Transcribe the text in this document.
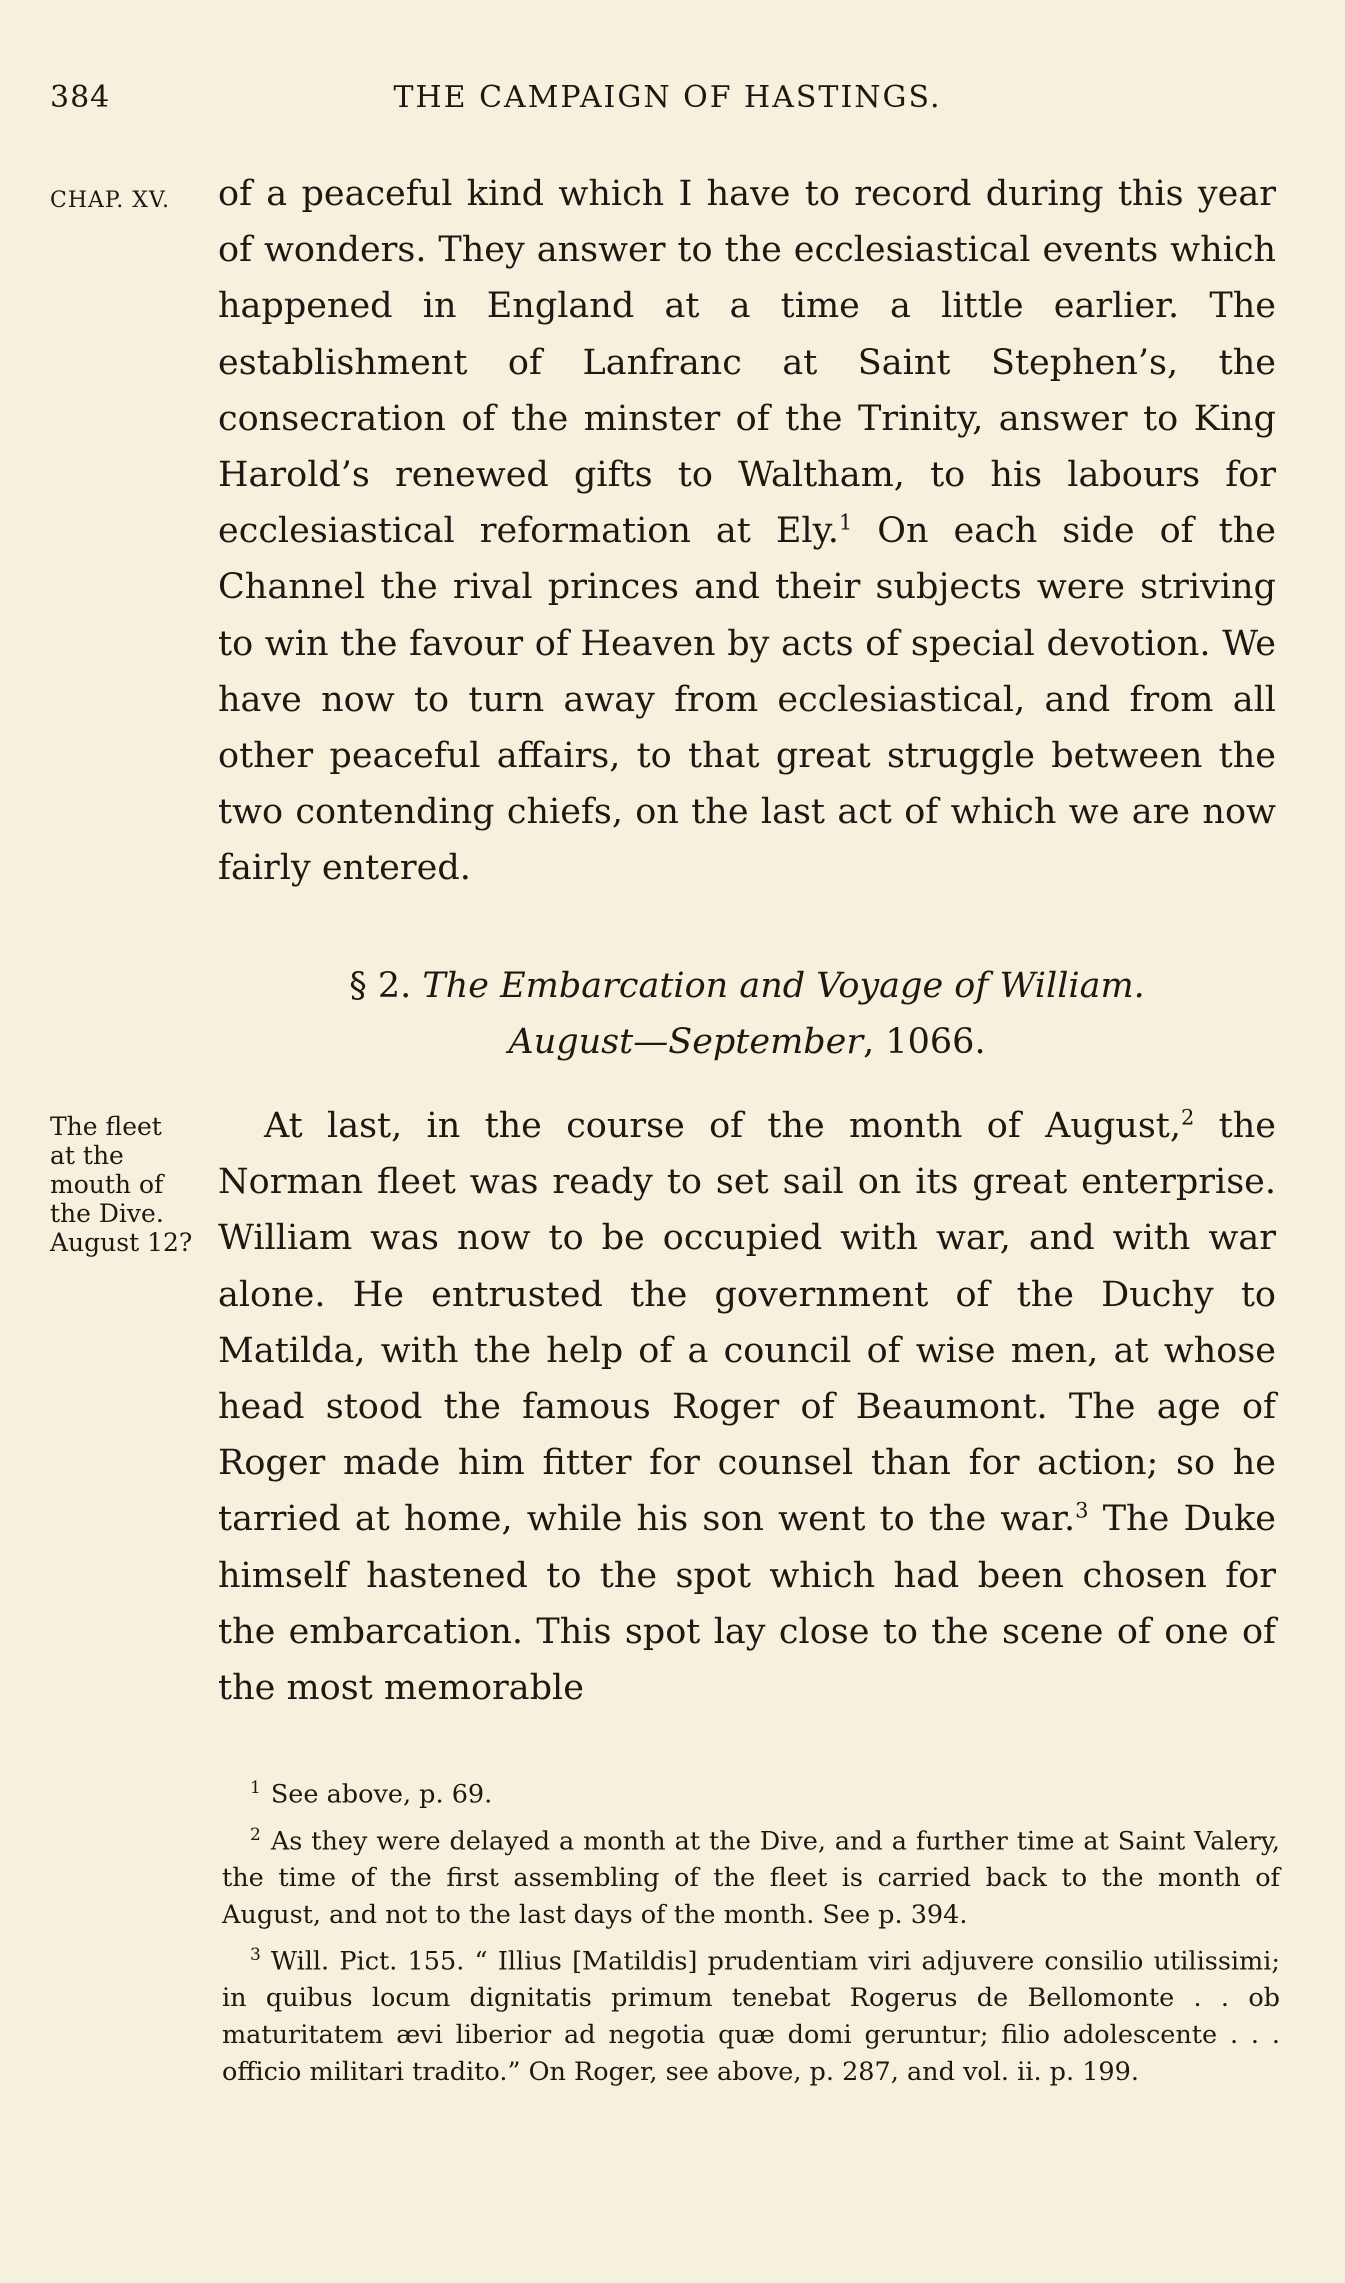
384	THE CAMPAIGN OF HASTINGS.
CHAP. XV.	of a peaceful kind which I have to record during this year of wonders. They answer to the ecclesiastical events which happened in England at a time a little earlier. The establishment of Lanfranc at Saint Stephen’s, the consecration of the minster of the Trinity, answer to King Harold’s renewed gifts to Waltham, to his labours for ecclesiastical reformation at Ely.$^1$ On each side of the Channel the rival princes and their subjects were striving to win the favour of Heaven by acts of special devotion. We have now to turn away from ecclesiastical, and from all other peaceful affairs, to that great struggle between the two contending chiefs, on the last act of which we are now fairly entered.

§ 2. The Embarcation and Voyage of William.
August—September, 1066.
The fleet
at the
mouth of
the Dive.
August 12?

At last, in the course of the month of August,$^2$ the Norman fleet was ready to set sail on its great enterprise. William was now to be occupied with war, and with war alone. He entrusted the government of the Duchy to Matilda, with the help of a council of wise men, at whose head stood the famous Roger of Beaumont. The age of Roger made him fitter for counsel than for action; so he tarried at home, while his son went to the war.$^3$ The Duke himself hastened to the spot which had been chosen for the embarcation. This spot lay close to the scene of one of the most memorable

$^1$ See above, p. 69.

$^2$ As they were delayed a month at the Dive, and a further time at Saint Valery, the time of the first assembling of the fleet is carried back to the month of August, and not to the last days of the month. See p. 394.

$^3$ Will. Pict. 155. “ Illius [Matildis] prudentiam viri adjuvere consilio utilissimi; in quibus locum dignitatis primum tenebat Rogerus de Bellomonte . . ob maturitatem ævi liberior ad negotia quæ domi geruntur; filio adolescente . . . officio militari tradito.” On Roger, see above, p. 287, and vol. ii. p. 199.
